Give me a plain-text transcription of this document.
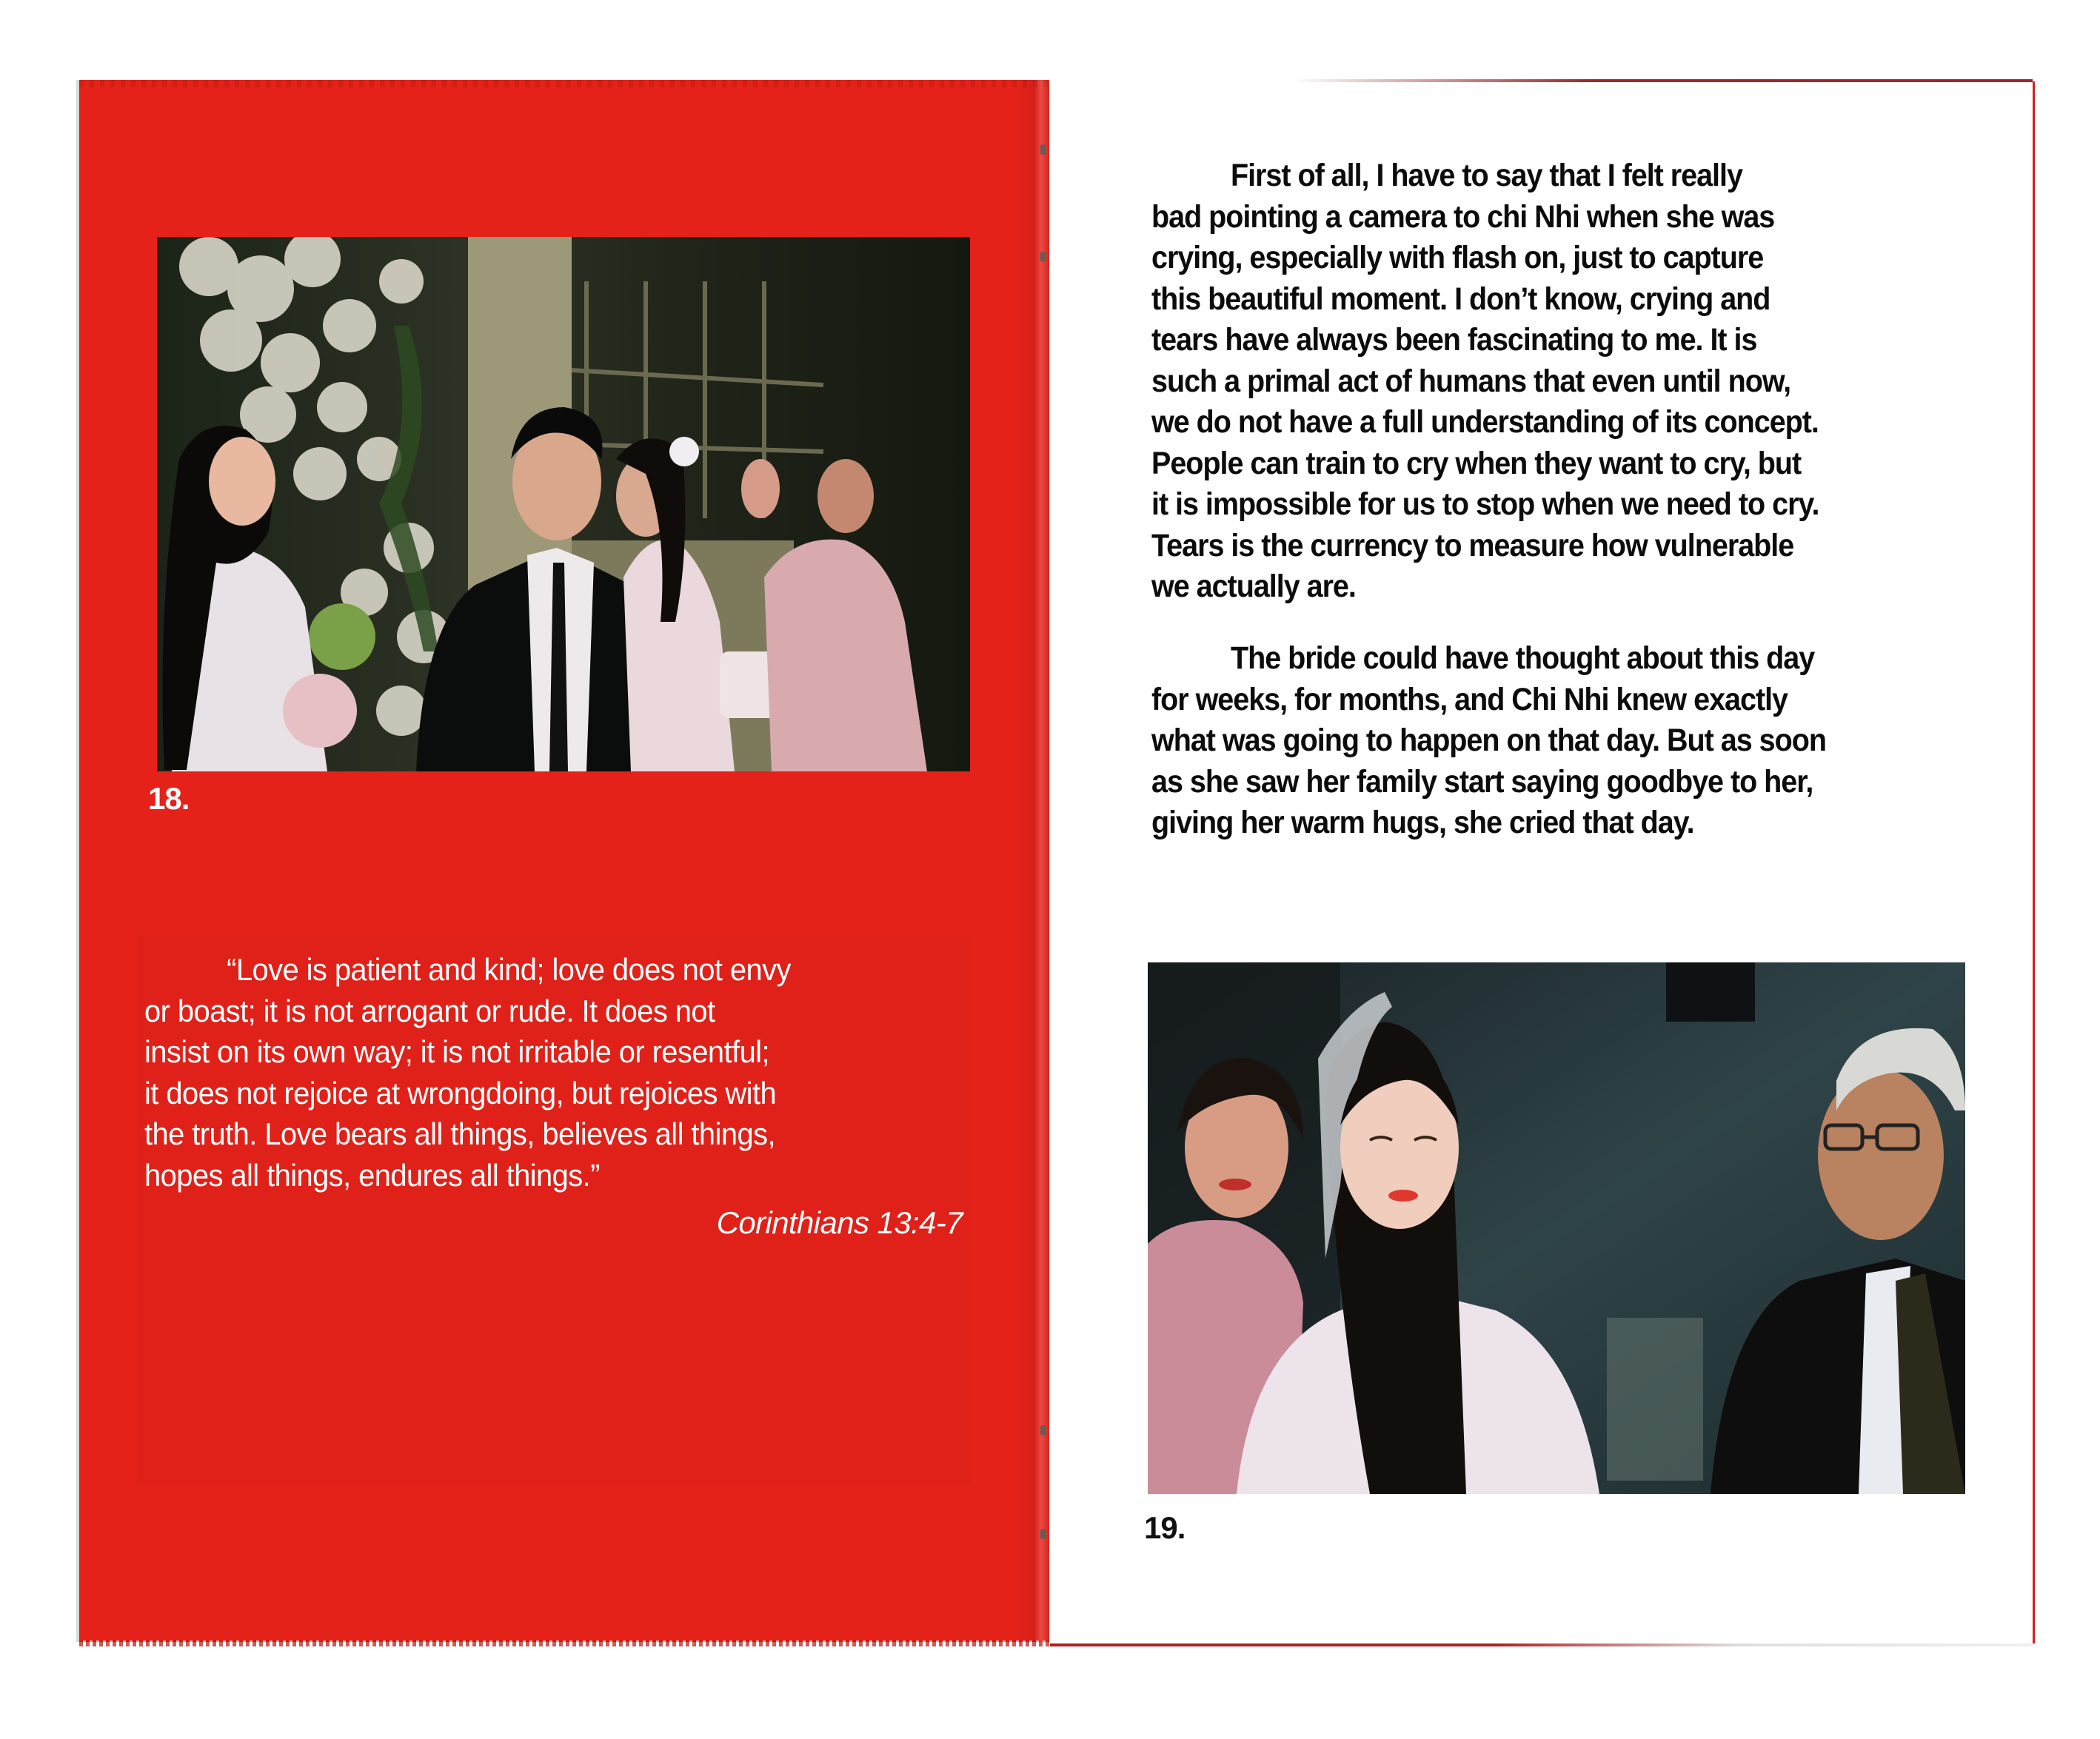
18.
“Love is patient and kind; love does not envy
or boast; it is not arrogant or rude. It does not
insist on its own way; it is not irritable or resentful;
it does not rejoice at wrongdoing, but rejoices with
the truth. Love bears all things, believes all things,
hopes all things, endures all things.”
Corinthians 13:4-7
First of all, I have to say that I felt really
bad pointing a camera to chi Nhi when she was
crying, especially with flash on, just to capture
this beautiful moment. I don’t know, crying and
tears have always been fascinating to me. It is
such a primal act of humans that even until now,
we do not have a full understanding of its concept.
People can train to cry when they want to cry, but
it is impossible for us to stop when we need to cry.
Tears is the currency to measure how vulnerable
we actually are.
The bride could have thought about this day
for weeks, for months, and Chi Nhi knew exactly
what was going to happen on that day. But as soon
as she saw her family start saying goodbye to her,
giving her warm hugs, she cried that day.
19.
